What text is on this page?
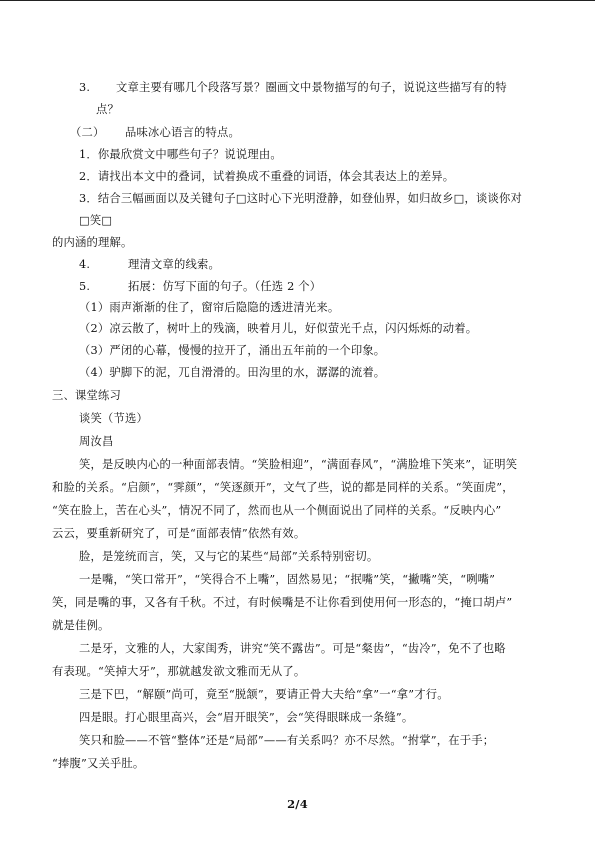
3. 文章主要有哪几个段落写景？圈画文中景物描写的句子，说说这些描写有的特
点？
（二） 品味冰心语言的特点。
1．你最欣赏文中哪些句子？说说理由。
2．请找出本文中的叠词，试着换成不重叠的词语，体会其表达上的差异。
3．结合三幅画面以及关键句子□这时心下光明澄静，如登仙界，如归故乡□，谈谈你对
□笑□
的内涵的理解。
4.	理清文章的线索。
5.	拓展：仿写下面的句子。（任选 2 个）
（1）雨声渐渐的住了，窗帘后隐隐的透进清光来。
（2）凉云散了，树叶上的残滴，映着月儿，好似萤光千点，闪闪烁烁的动着。
（3）严闭的心幕，慢慢的拉开了，涌出五年前的一个印象。
（4）驴脚下的泥，兀自滑滑的。田沟里的水，潺潺的流着。
三、课堂练习
谈笑（节选）
周汝昌
笑，是反映内心的一种面部表情。“笑脸相迎”，“满面春风”，“满脸堆下笑来”，证明笑
和脸的关系。“启颜”，“霁颜”，“笑逐颜开”，文气了些，说的都是同样的关系。“笑面虎”，
“笑在脸上，苦在心头”，情况不同了，然而也从一个侧面说出了同样的关系。“反映内心”
云云，要重新研究了，可是“面部表情”依然有效。
脸，是笼统而言，笑，又与它的某些“局部”关系特别密切。
一是嘴，“笑口常开”，“笑得合不上嘴”，固然易见；“抿嘴”笑，“撇嘴”笑，“咧嘴”
笑，同是嘴的事，又各有千秋。不过，有时候嘴是不让你看到使用何一形态的，“掩口胡卢”
就是佳例。
二是牙，文雅的人，大家闺秀，讲究“笑不露齿”。可是“粲齿”，“齿冷”，免不了也略
有表现。“笑掉大牙”，那就越发欲文雅而无从了。
三是下巴，“解颐”尚可，竟至“脱颔”，要请正骨大夫给“拿”一“拿”才行。
四是眼。打心眼里高兴，会“眉开眼笑”，会“笑得眼眯成一条缝”。
笑只和脸——不管“整体”还是“局部”——有关系吗？亦不尽然。“拊掌”，在于手；
“捧腹”又关乎肚。
2/4
